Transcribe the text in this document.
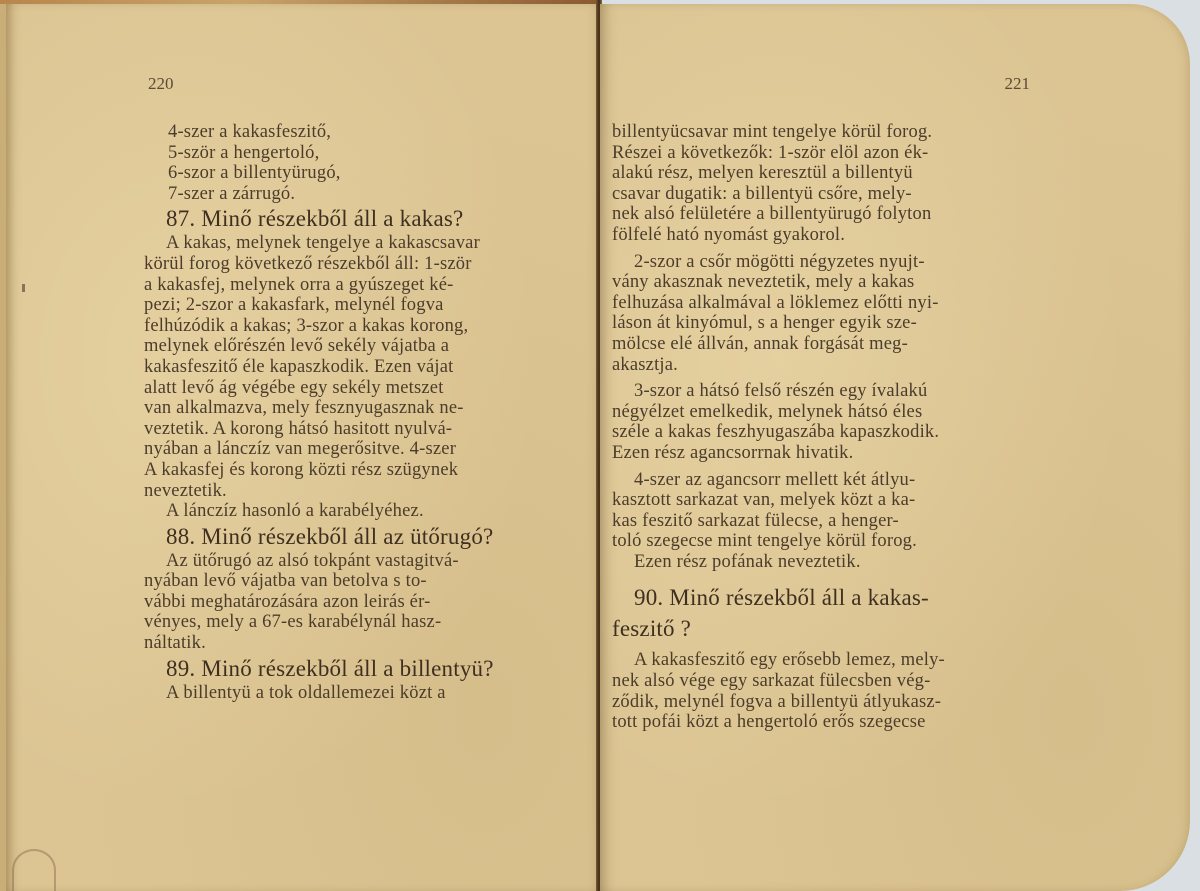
220
4-szer a kakasfeszitő,
5-ször a hengertoló,
6-szor a billentyürugó,
7-szer a zárrugó.
87. Minő részekből áll a kakas?
A kakas, melynek tengelye a kakascsavar
körül forog következő részekből áll: 1-ször
a kakasfej, melynek orra a gyúszeget ké-
pezi; 2-szor a kakasfark, melynél fogva
felhúzódik a kakas; 3-szor a kakas korong,
melynek előrészén levő sekély vájatba a
kakasfeszitő éle kapaszkodik. Ezen vájat
alatt levő ág végébe egy sekély metszet
van alkalmazva, mely fesznyugasznak ne-
veztetik. A korong hátsó hasitott nyulvá-
nyában a lánczíz van megerősitve. 4-szer
A kakasfej és korong közti rész szügynek
neveztetik.
A lánczíz hasonló a karabélyéhez.
88. Minő részekből áll az ütőrugó?
Az ütőrugó az alsó tokpánt vastagitvá-
nyában levő vájatba van betolva s to-
vábbi meghatározására azon leirás ér-
vényes, mely a 67-es karabélynál hasz-
náltatik.
89. Minő részekből áll a billentyü?
A billentyü a tok oldallemezei közt a
221
billentyücsavar mint tengelye körül forog.
Részei a következők: 1-ször elöl azon ék-
alakú rész, melyen keresztül a billentyü
csavar dugatik: a billentyü csőre, mely-
nek alsó felületére a billentyürugó folyton
fölfelé ható nyomást gyakorol.
2-szor a csőr mögötti négyzetes nyujt-
vány akasznak neveztetik, mely a kakas
felhuzása alkalmával a löklemez előtti nyi-
láson át kinyómul, s a henger egyik sze-
mölcse elé állván, annak forgását meg-
akasztja.
3-szor a hátsó felső részén egy ívalakú
négyélzet emelkedik, melynek hátsó éles
széle a kakas feszhyugaszába kapaszkodik.
Ezen rész agancsorrnak hivatik.
4-szer az agancsorr mellett két átlyu-
kasztott sarkazat van, melyek közt a ka-
kas feszitő sarkazat fülecse, a henger-
toló szegecse mint tengelye körül forog.
Ezen rész pofának neveztetik.
90. Minő részekből áll a kakas-
feszitő ?
A kakasfeszitő egy erősebb lemez, mely-
nek alsó vége egy sarkazat fülecsben vég-
ződik, melynél fogva a billentyü átlyukasz-
tott pofái közt a hengertoló erős szegecse
